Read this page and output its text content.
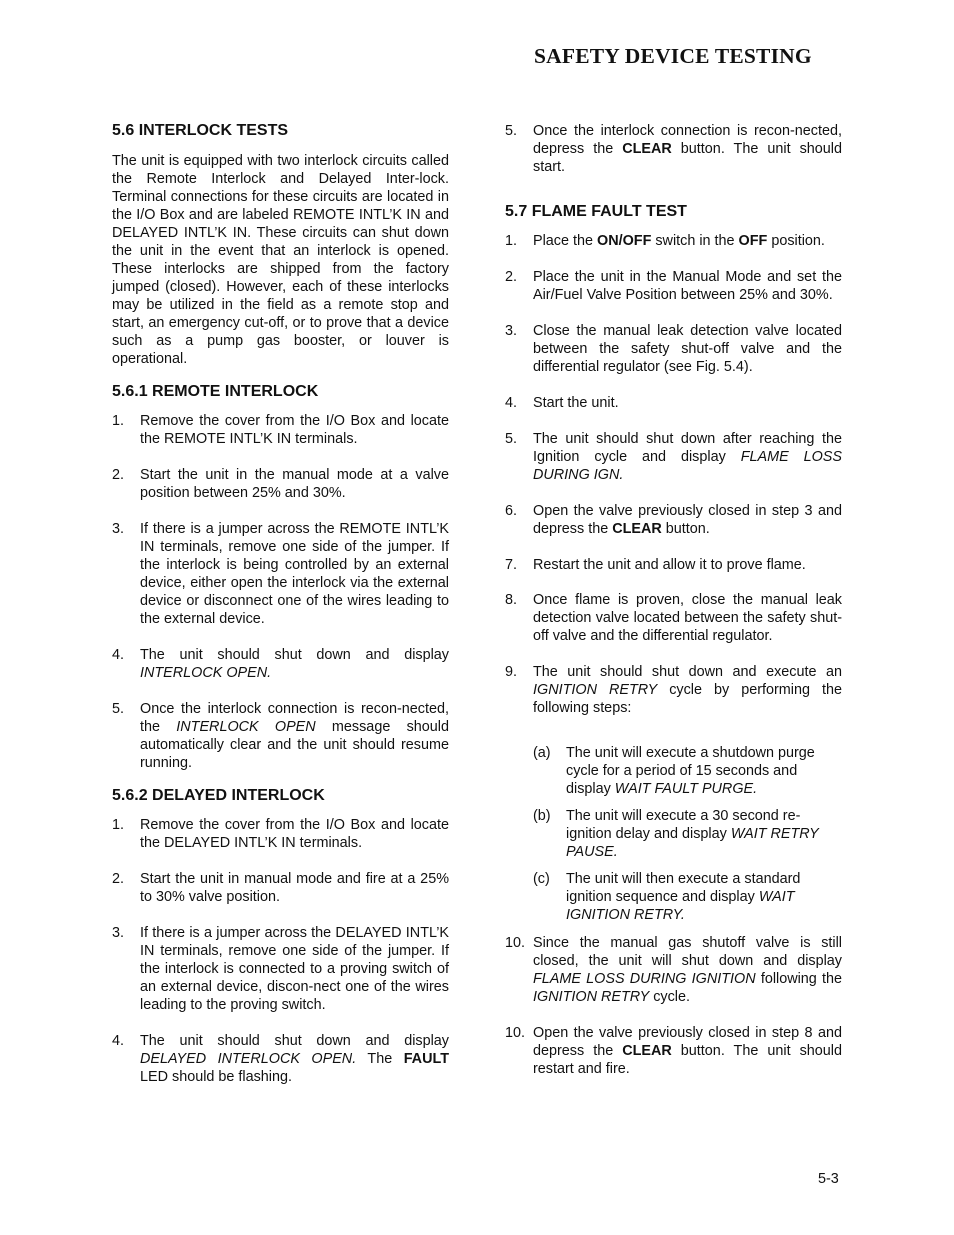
SAFETY DEVICE TESTING
5.6 INTERLOCK TESTS

The unit is equipped with two interlock circuits called the Remote Interlock and Delayed Inter-lock. Terminal connections for these circuits are located in the I/O Box and are labeled REMOTE INTL’K IN and DELAYED INTL’K IN. These circuits can shut down the unit in the event that an interlock is opened. These interlocks are shipped from the factory jumped (closed). However, each of these interlocks may be utilized in the field as a remote stop and start, an emergency cut-off, or to prove that a device such as a pump gas booster, or louver is operational.

5.6.1 REMOTE INTERLOCK
1.	Remove the cover from the I/O Box and locate the REMOTE INTL’K IN terminals.
2.	Start the unit in the manual mode at a valve position between 25% and 30%.
3.	If there is a jumper across the REMOTE INTL’K IN terminals, remove one side of the jumper. If the interlock is being controlled by an external device, either open the interlock via the external device or disconnect one of the wires leading to the external device.
4.	The unit should shut down and display INTERLOCK OPEN.
5.	Once the interlock connection is recon-nected, the INTERLOCK OPEN message should automatically clear and the unit should resume running.
5.6.2 DELAYED INTERLOCK
1.	Remove the cover from the I/O Box and locate the DELAYED INTL’K IN terminals.
2.	Start the unit in manual mode and fire at a 25% to 30% valve position.
3.	If there is a jumper across the DELAYED INTL’K IN terminals, remove one side of the jumper. If the interlock is connected to a proving switch of an external device, discon-nect one of the wires leading to the proving switch.
4.	The unit should shut down and display DELAYED INTERLOCK OPEN. The FAULT LED should be flashing.
5.	Once the interlock connection is recon-nected, depress the CLEAR button. The unit should start.
5.7 FLAME FAULT TEST
1.	Place the ON/OFF switch in the OFF position.
2.	Place the unit in the Manual Mode and set the Air/Fuel Valve Position between 25% and 30%.
3.	Close the manual leak detection valve located between the safety shut-off valve and the differential regulator (see Fig. 5.4).
4.	Start the unit.
5.	The unit should shut down after reaching the Ignition cycle and display FLAME LOSS DURING IGN.
6.	Open the valve previously closed in step 3 and depress the CLEAR button.
7.	Restart the unit and allow it to prove flame.
8.	Once flame is proven, close the manual leak detection valve located between the safety shut-off valve and the differential regulator.
9.	The unit should shut down and execute an IGNITION RETRY cycle by performing the following steps:
(a)	The unit will execute a shutdown purge cycle for a period of 15 seconds and display WAIT FAULT PURGE.
(b)	The unit will execute a 30 second re-ignition delay and display WAIT RETRY PAUSE.
(c)	The unit will then execute a standard ignition sequence and display WAIT IGNITION RETRY.
10. Since the manual gas shutoff valve is still closed, the unit will shut down and display FLAME LOSS DURING IGNITION following the IGNITION RETRY cycle.
10. Open the valve previously closed in step 8 and depress the CLEAR button. The unit should restart and fire.
5-3
